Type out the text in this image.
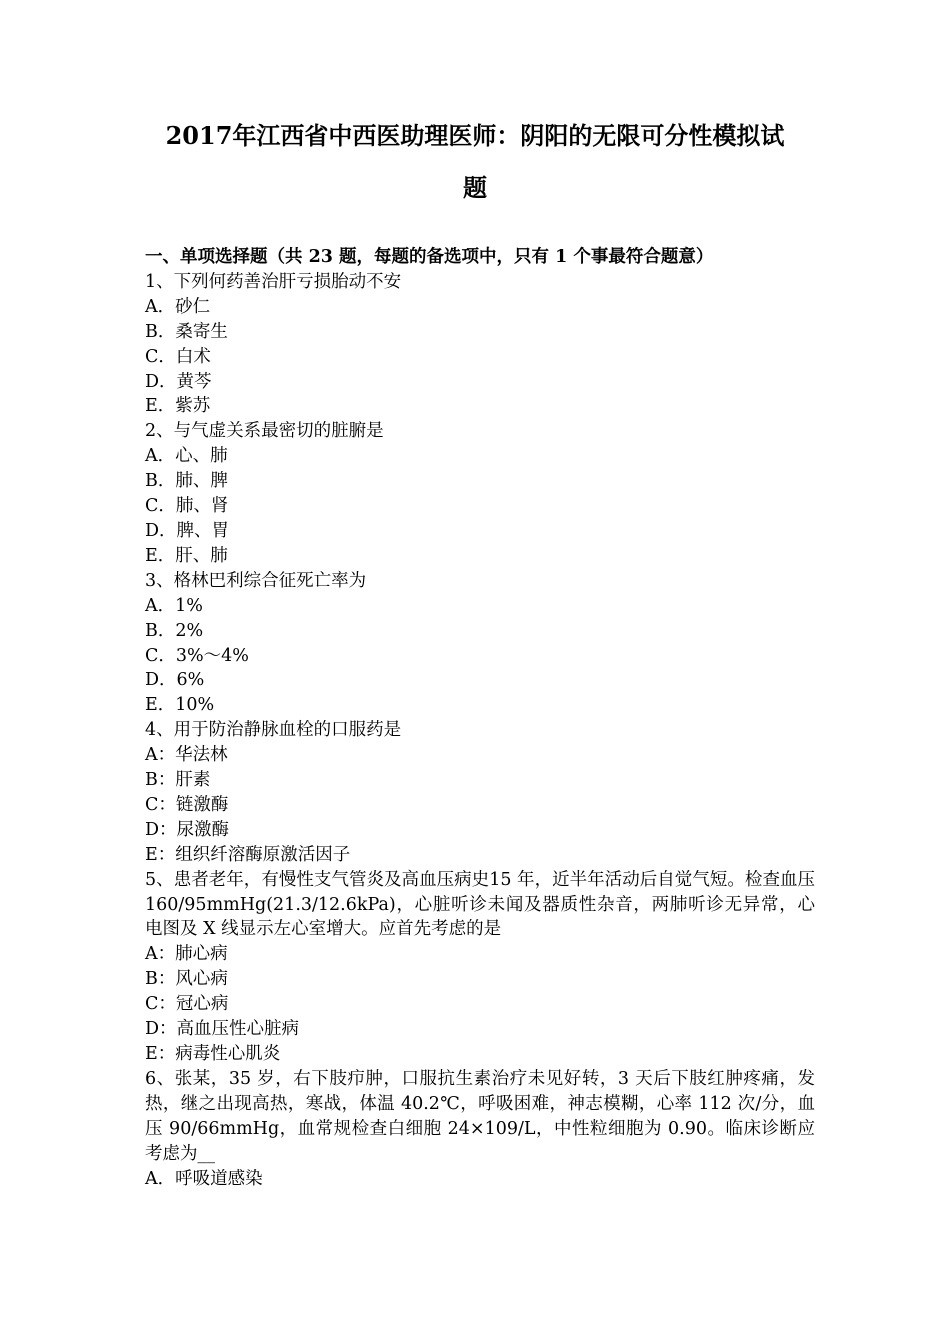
2017年江西省中西医助理医师：阴阳的无限可分性模拟试
题
一、单项选择题（共 23 题，每题的备选项中，只有 1 个事最符合题意）
1、下列何药善治肝亏损胎动不安
A．砂仁
B．桑寄生
C．白术
D．黄芩
E．紫苏
2、与气虚关系最密切的脏腑是
A．心、肺
B．肺、脾
C．肺、肾
D．脾、胃
E．肝、肺
3、格林巴利综合征死亡率为
A．1%
B．2%
C．3%～4%
D．6%
E．10%
4、用于防治静脉血栓的口服药是
A：华法林
B：肝素
C：链激酶
D：尿激酶
E：组织纤溶酶原激活因子
5、患者老年，有慢性支气管炎及高血压病史15 年，近半年活动后自觉气短。检查血压 160/95mmHg(21.3/12.6kPa)，心脏听诊未闻及器质性杂音，两肺听诊无异常，心电图及 X 线显示左心室增大。应首先考虑的是
A：肺心病
B：风心病
C：冠心病
D：高血压性心脏病
E：病毒性心肌炎
6、张某，35 岁，右下肢疖肿，口服抗生素治疗未见好转，3 天后下肢红肿疼痛，发热，继之出现高热，寒战，体温 40.2℃，呼吸困难，神志模糊，心率 112 次/分，血压 90/66mmHg，血常规检查白细胞 24×109/L，中性粒细胞为 0.90。临床诊断应考虑为__
A．呼吸道感染
